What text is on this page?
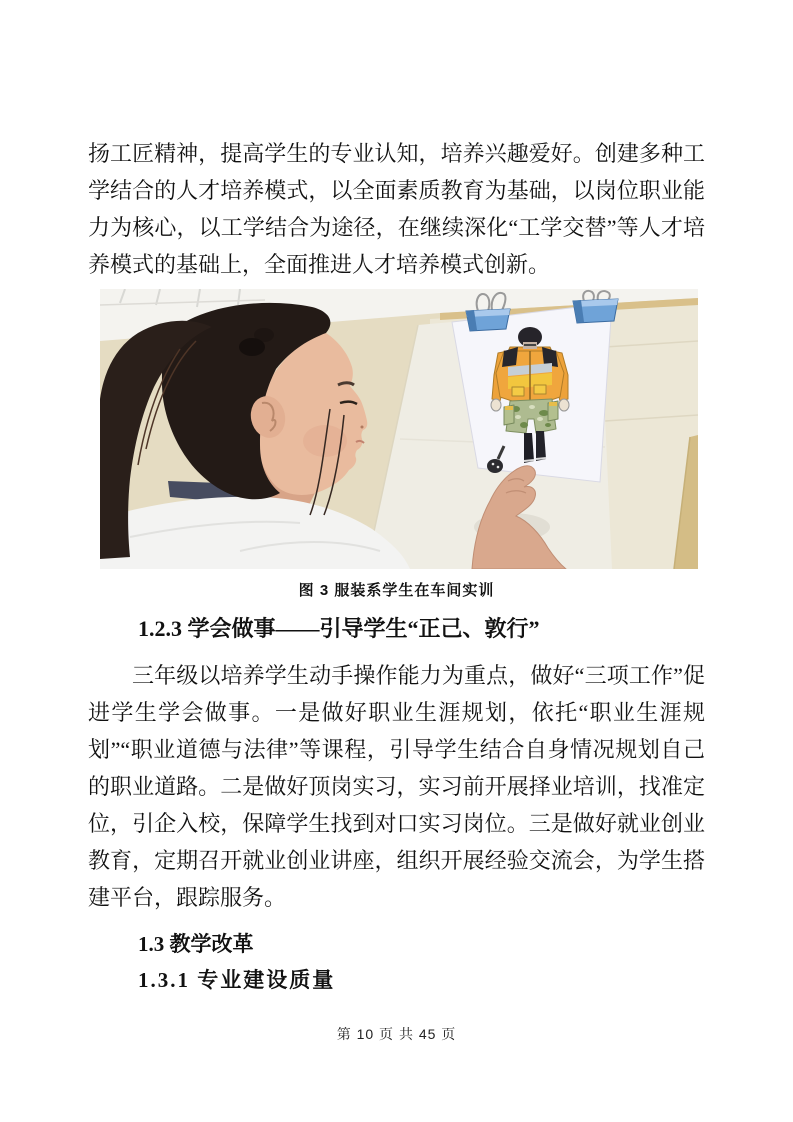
扬工匠精神，提高学生的专业认知，培养兴趣爱好。创建多种工学结合的人才培养模式，以全面素质教育为基础，以岗位职业能力为核心，以工学结合为途径，在继续深化“工学交替”等人才培养模式的基础上，全面推进人才培养模式创新。

图 3 服装系学生在车间实训
1.2.3 学会做事——引导学生“正己、敦行”

三年级以培养学生动手操作能力为重点，做好“三项工作”促进学生学会做事。一是做好职业生涯规划，依托“职业生涯规划”“职业道德与法律”等课程，引导学生结合自身情况规划自己的职业道路。二是做好顶岗实习，实习前开展择业培训，找准定位，引企入校，保障学生找到对口实习岗位。三是做好就业创业教育，定期召开就业创业讲座，组织开展经验交流会，为学生搭建平台，跟踪服务。

1.3 教学改革
1.3.1 专业建设质量
第 10 页 共 45 页
